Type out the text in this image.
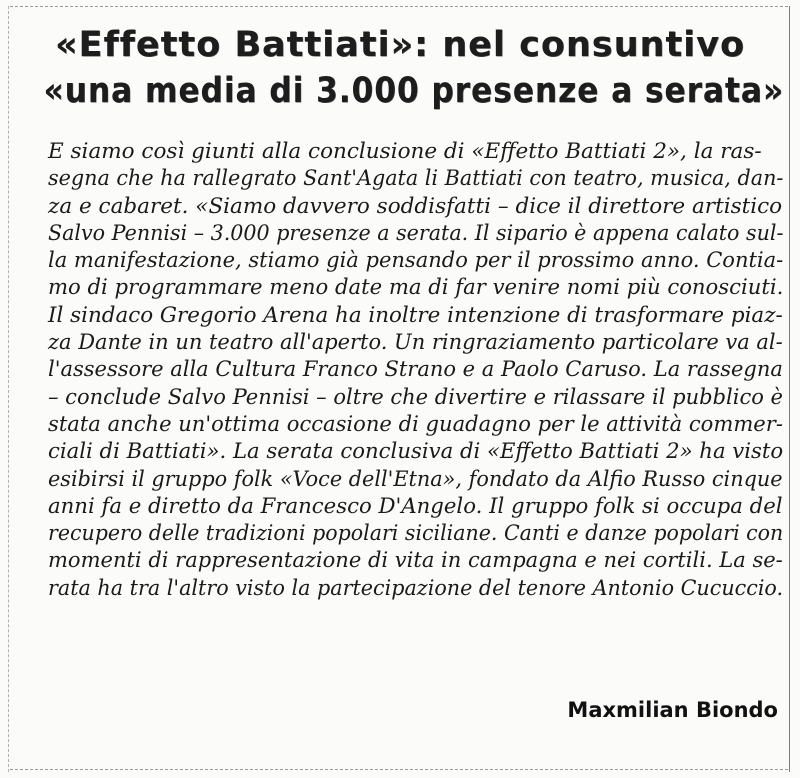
«Effetto Battiati»: nel consuntivo
«una media di 3.000 presenze a serata»
E siamo così giunti alla conclusione di «Effetto Battiati 2», la ras-
segna che ha rallegrato Sant'Agata li Battiati con teatro, musica, dan-
za e cabaret. «Siamo davvero soddisfatti – dice il direttore artistico
Salvo Pennisi – 3.000 presenze a serata. Il sipario è appena calato sul-
la manifestazione, stiamo già pensando per il prossimo anno. Contia-
mo di programmare meno date ma di far venire nomi più conosciuti.
Il sindaco Gregorio Arena ha inoltre intenzione di trasformare piaz-
za Dante in un teatro all'aperto. Un ringraziamento particolare va al-
l'assessore alla Cultura Franco Strano e a Paolo Caruso. La rassegna
– conclude Salvo Pennisi – oltre che divertire e rilassare il pubblico è
stata anche un'ottima occasione di guadagno per le attività commer-
ciali di Battiati». La serata conclusiva di «Effetto Battiati 2» ha visto
esibirsi il gruppo folk «Voce dell'Etna», fondato da Alfio Russo cinque
anni fa e diretto da Francesco D'Angelo. Il gruppo folk si occupa del
recupero delle tradizioni popolari siciliane. Canti e danze popolari con
momenti di rappresentazione di vita in campagna e nei cortili. La se-
rata ha tra l'altro visto la partecipazione del tenore Antonio Cucuccio.
Maxmilian Biondo
